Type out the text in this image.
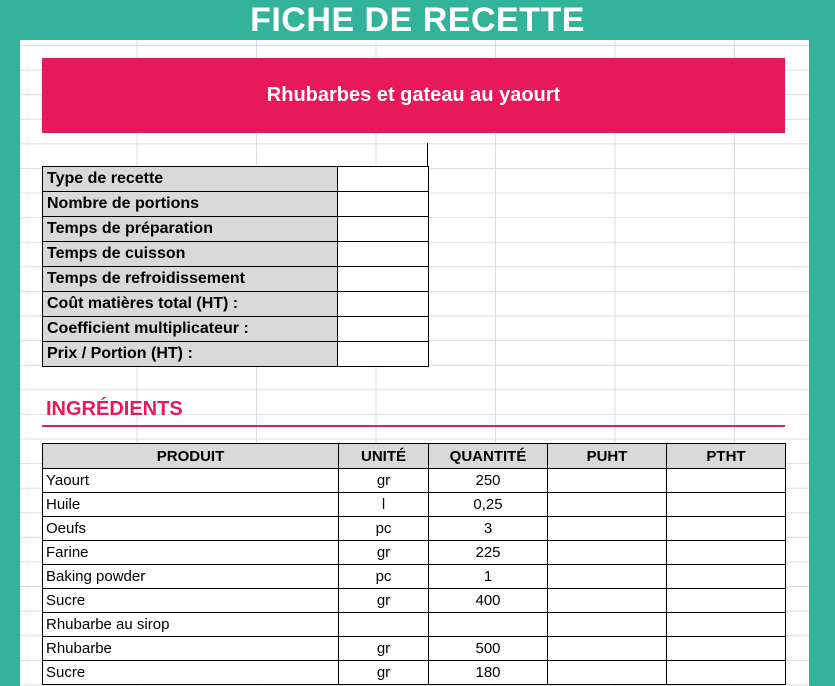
FICHE DE RECETTE
Rhubarbes et gateau au yaourt
Type de recette	
Nombre de portions	
Temps de préparation	
Temps de cuisson	
Temps de refroidissement	
Coût matières total (HT) :	
Coefficient multiplicateur :	
Prix / Portion (HT) :	
INGRÉDIENTS
PRODUIT	UNITÉ	QUANTITÉ	PUHT	PTHT
Yaourt	gr	250		
Huile	l	0,25		
Oeufs	pc	3		
Farine	gr	225		
Baking powder	pc	1		
Sucre	gr	400		
Rhubarbe au sirop				
Rhubarbe	gr	500		
Sucre	gr	180		
